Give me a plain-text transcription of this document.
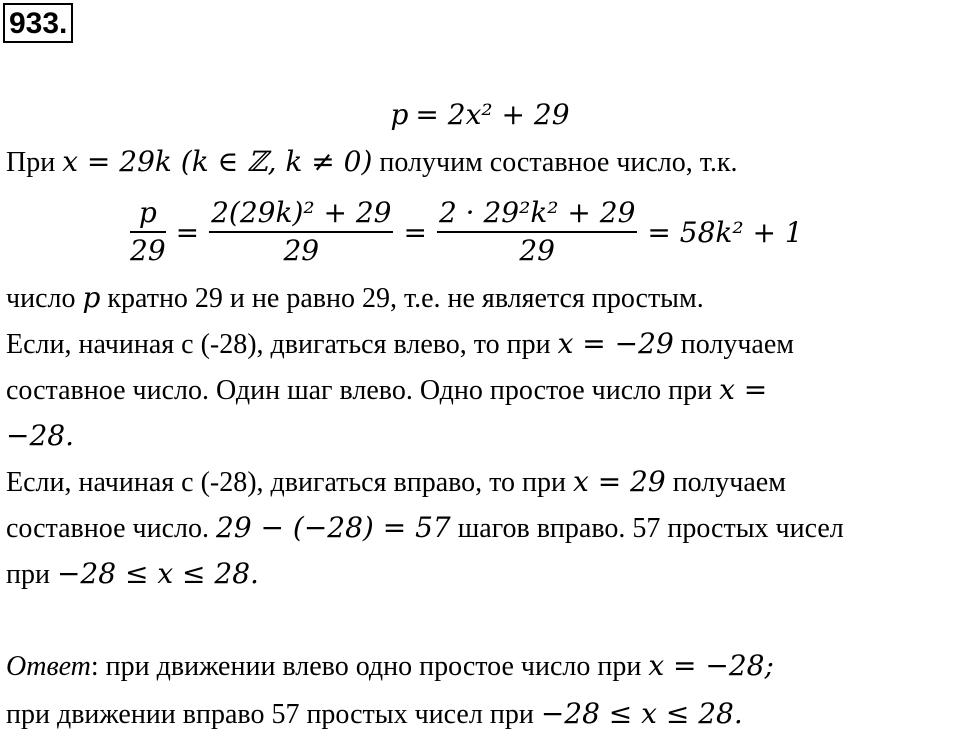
933.
p = 2x² + 29
При x = 29k (k ∈ ℤ, k ≠ 0) получим составное число, т.к.
$\frac{p}{29} = \frac{\text{2(29k)² + 29}}{29} = \frac{\text{2 · 29²k² + 29}}{29} = 58k^2 + 1$
число p кратно 29 и не равно 29, т.е. не является простым.
Если, начиная с (-28), двигаться влево, то при x = −29 получаем
составное число. Один шаг влево. Одно простое число при x =
−28.
Если, начиная с (-28), двигаться вправо, то при x = 29 получаем
составное число. 29 − (−28) = 57 шагов вправо. 57 простых чисел
при −28 ≤ x ≤ 28.
Ответ: при движении влево одно простое число при x = −28;
при движении вправо 57 простых чисел при −28 ≤ x ≤ 28.
